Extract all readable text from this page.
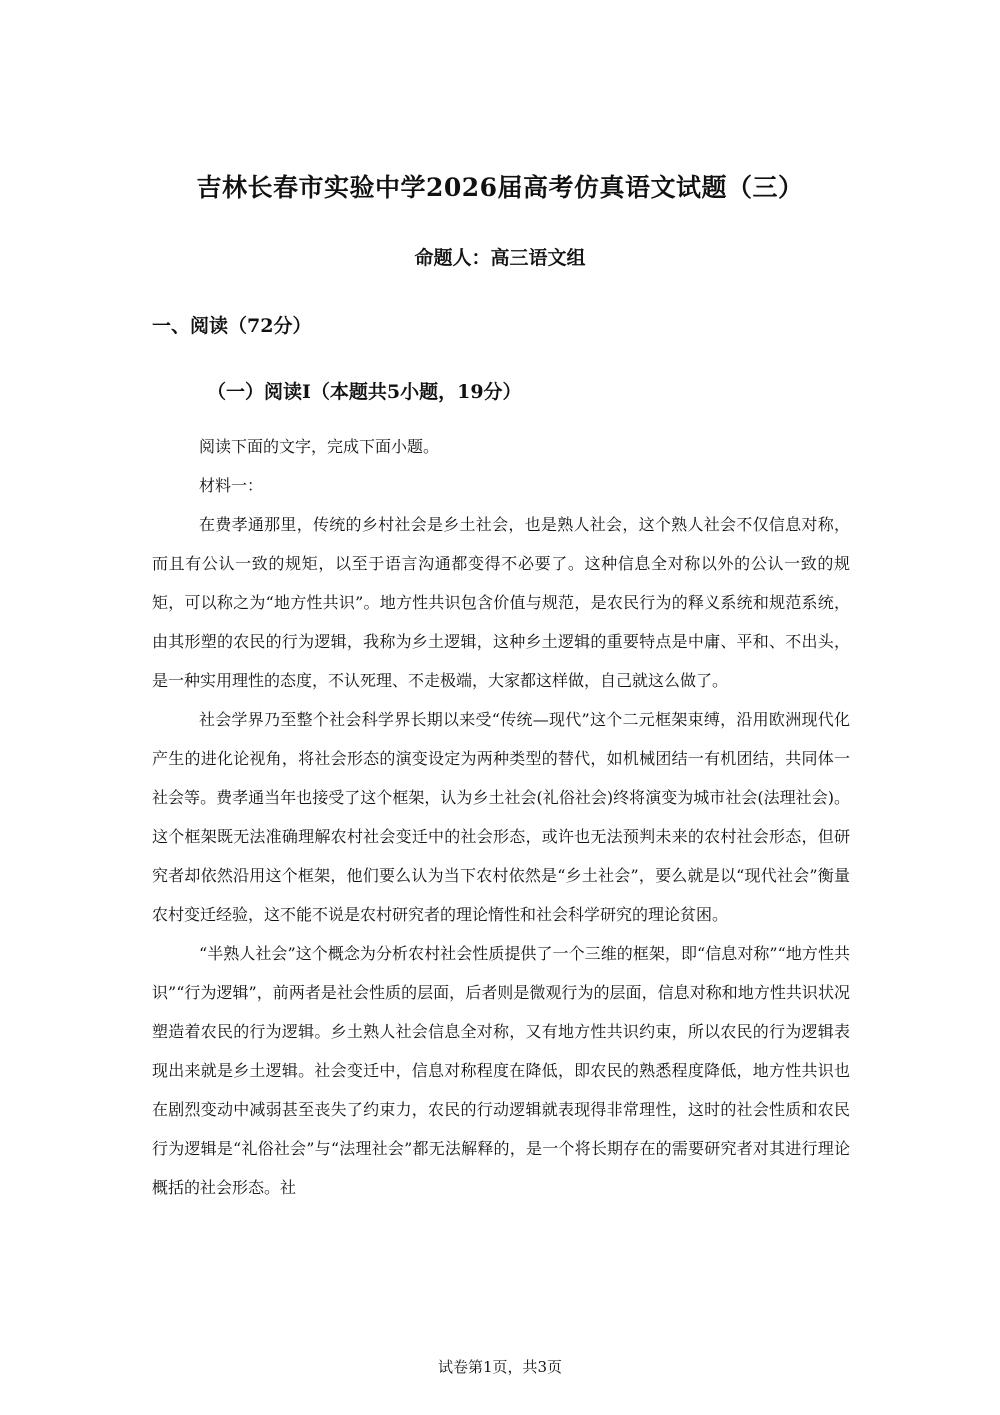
吉林长春市实验中学2026届高考仿真语文试题（三）
命题人：高三语文组
一、阅读（72分）
（一）阅读I（本题共5小题，19分）
阅读下面的文字，完成下面小题。
材料一：

在费孝通那里，传统的乡村社会是乡土社会，也是熟人社会，这个熟人社会不仅信息对称，而且有公认一致的规矩，以至于语言沟通都变得不必要了。这种信息全对称以外的公认一致的规矩，可以称之为“地方性共识”。地方性共识包含价值与规范，是农民行为的释义系统和规范系统，由其形塑的农民的行为逻辑，我称为乡土逻辑，这种乡土逻辑的重要特点是中庸、平和、不出头，是一种实用理性的态度，不认死理、不走极端，大家都这样做，自己就这么做了。

社会学界乃至整个社会科学界长期以来受“传统—现代”这个二元框架束缚，沿用欧洲现代化产生的进化论视角，将社会形态的演变设定为两种类型的替代，如机械团结一有机团结，共同体一社会等。费孝通当年也接受了这个框架，认为乡土社会(礼俗社会)终将演变为城市社会(法理社会)。这个框架既无法准确理解农村社会变迁中的社会形态，或许也无法预判未来的农村社会形态，但研究者却依然沿用这个框架，他们要么认为当下农村依然是“乡土社会”，要么就是以“现代社会”衡量农村变迁经验，这不能不说是农村研究者的理论惰性和社会科学研究的理论贫困。

“半熟人社会”这个概念为分析农村社会性质提供了一个三维的框架，即“信息对称”“地方性共识”“行为逻辑”，前两者是社会性质的层面，后者则是微观行为的层面，信息对称和地方性共识状况塑造着农民的行为逻辑。乡土熟人社会信息全对称，又有地方性共识约束，所以农民的行为逻辑表现出来就是乡土逻辑。社会变迁中，信息对称程度在降低，即农民的熟悉程度降低，地方性共识也在剧烈变动中减弱甚至丧失了约束力，农民的行动逻辑就表现得非常理性，这时的社会性质和农民行为逻辑是“礼俗社会”与“法理社会”都无法解释的，是一个将长期存在的需要研究者对其进行理论概括的社会形态。社

试卷第1页，共3页
